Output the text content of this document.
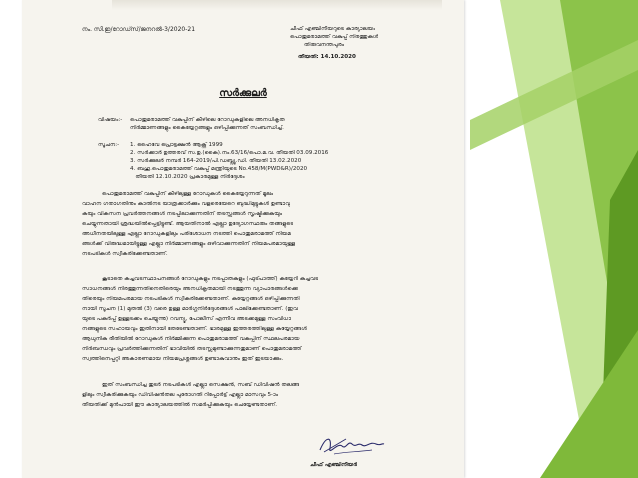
നം. സി.ഇ/റോഡ്സ്/ജനറൽ-3/2020-21	ചീഫ് എഞ്ചിനീയറുടെ കാര്യാലയം
പൊതുമരാമത്ത് വകുപ്പ് നിരത്തുകൾ
തിരുവനന്തപുരം
തീയതി: 14.10.2020
സർക്കുലർ
വിഷയം:- പൊതുമരാമത്ത് വകുപ്പിന് കീഴിലെ റോഡുകളിലെ അനധികൃത
നിർമ്മാണങ്ങളും കൈയ്യേറ്റങ്ങളും ഒഴിപ്പിക്കുന്നത് സംബന്ധിച്ച്.
സൂചന:- 1. ഹൈവേ പ്രൊട്ടക്ഷൻ ആക്റ്റ് 1999
2. സർക്കാർ ഉത്തരവ് സ.ഉ.(കൈ).നം.63/16/പൊ.മ.വ. തീയതി 03.09.2016
3. സർക്കുലർ നമ്പർ 164-2019/പി.ഡബ്ല്യു.ഡി. തീയതി 13.02.2020
4. ബഹു.പൊതുമരാമത്ത് വകുപ്പ് മന്ത്രിയുടെ No.458/M(PWD&R)/2020
തീയതി 12.10.2020 പ്രകാരമുള്ള നിർദ്ദേശം
പൊതുമരാമത്ത് വകുപ്പിന് കീഴിലുള്ള റോഡുകൾ കൈയ്യേറുന്നത് മൂലം
വാഹന ഗതാഗതിനും കാൽനട യാത്രക്കാർക്കും വളരെയേറെ ബുദ്ധിമുട്ടുകൾ ഉണ്ടാവു
കയും വികസന പ്രവർത്തനങ്ങൾ നടപ്പിലാക്കുന്നതിന് തടസ്സങ്ങൾ സൃഷ്ടിക്കുകയും
ചെയ്യുന്നതായി ശ്രദ്ധയിൽപ്പെട്ടിട്ടുണ്ട്. ആയതിനാൽ എല്ലാ ഉദ്യോഗസ്ഥരും തങ്ങളുടെ
അധീനതയിലുള്ള എല്ലാ റോഡുകളിലും പരിശോധന നടത്തി പൊതുമരാമത്ത് നിയമ
ങ്ങൾക്ക് വിരുദ്ധമായിട്ടുള്ള എല്ലാ നിർമ്മാണങ്ങളും ഒഴിവാക്കുന്നതിന് നിയമപരമായുള്ള
നടപടികൾ സ്വീകരിക്കേണ്ടതാണ്.
കൂടാതെ കച്ചവടസ്ഥാപനങ്ങൾ റോഡുകളും നടപ്പാതകളും (ഫുട്പാത്ത്) കയ്യേറി കച്ചവട
സാധനങ്ങൾ നിരത്തുന്നതിനെതിരെയും അനധികൃതമായി നടത്തുന്ന വ്യാപാരങ്ങൾക്കെ
തിരെയും നിയമപരമായ നടപടികൾ സ്വീകരിക്കേണ്ടതാണ്. കയ്യേറ്റങ്ങൾ ഒഴിപ്പിക്കുന്നതി
നായി സൂചന (1) മുതൽ (3) വരെ ഉള്ള മാർഗ്ഗനിർദ്ദേശങ്ങൾ പാലിക്കേണ്ടതാണ്. (ഇവ
യുടെ പകർപ്പ് ഉള്ളടക്കം ചെയ്യുന്നു) റവന്യൂ, പോലീസ് എന്നീവ അടക്കമുള്ള സംവിധാ
നങ്ങളുടെ സഹായവും ഇതിനായി തേടേണ്ടതാണ്. ഭാരമുള്ള ഇത്തരത്തിലുള്ള കയ്യേറ്റങ്ങൾ
ആധുനിക രീതിയിൽ റോഡുകൾ നിർമ്മിക്കുന്ന പൊതുമരാമത്ത് വകുപ്പിന് സ്ഥലപരമായ
നിർബന്ധവും പ്രവർത്തിക്കുന്നതിന് ഭാവിയിൽ തടസ്സമുണ്ടാക്കുന്നതുമാണ് പൊതുമരാമത്ത്
സ്വത്തിനെപ്പറ്റി അകാരണമായ നിയമപ്രശ്നങ്ങൾ ഉണ്ടാകുവാനും ഇത് ഇടയാക്കും.
ഇത് സംബന്ധിച്ച തുടർ നടപടികൾ എല്ലാ സെക്ഷൻ, സബ് ഡിവിഷൻ തലങ്ങ
ളിലും സ്വീകരിക്കുകയും ഡിവിഷൻതല പുരോഗതി റിപ്പോർട്ട് എല്ലാ മാസവും 5-ാം
തീയതിക്ക് മുൻപായി ഈ കാര്യാലയത്തിൽ സമർപ്പിക്കുകയും ചെയ്യേണ്ടതാണ്.
ചീഫ് എഞ്ചിനീയർ
